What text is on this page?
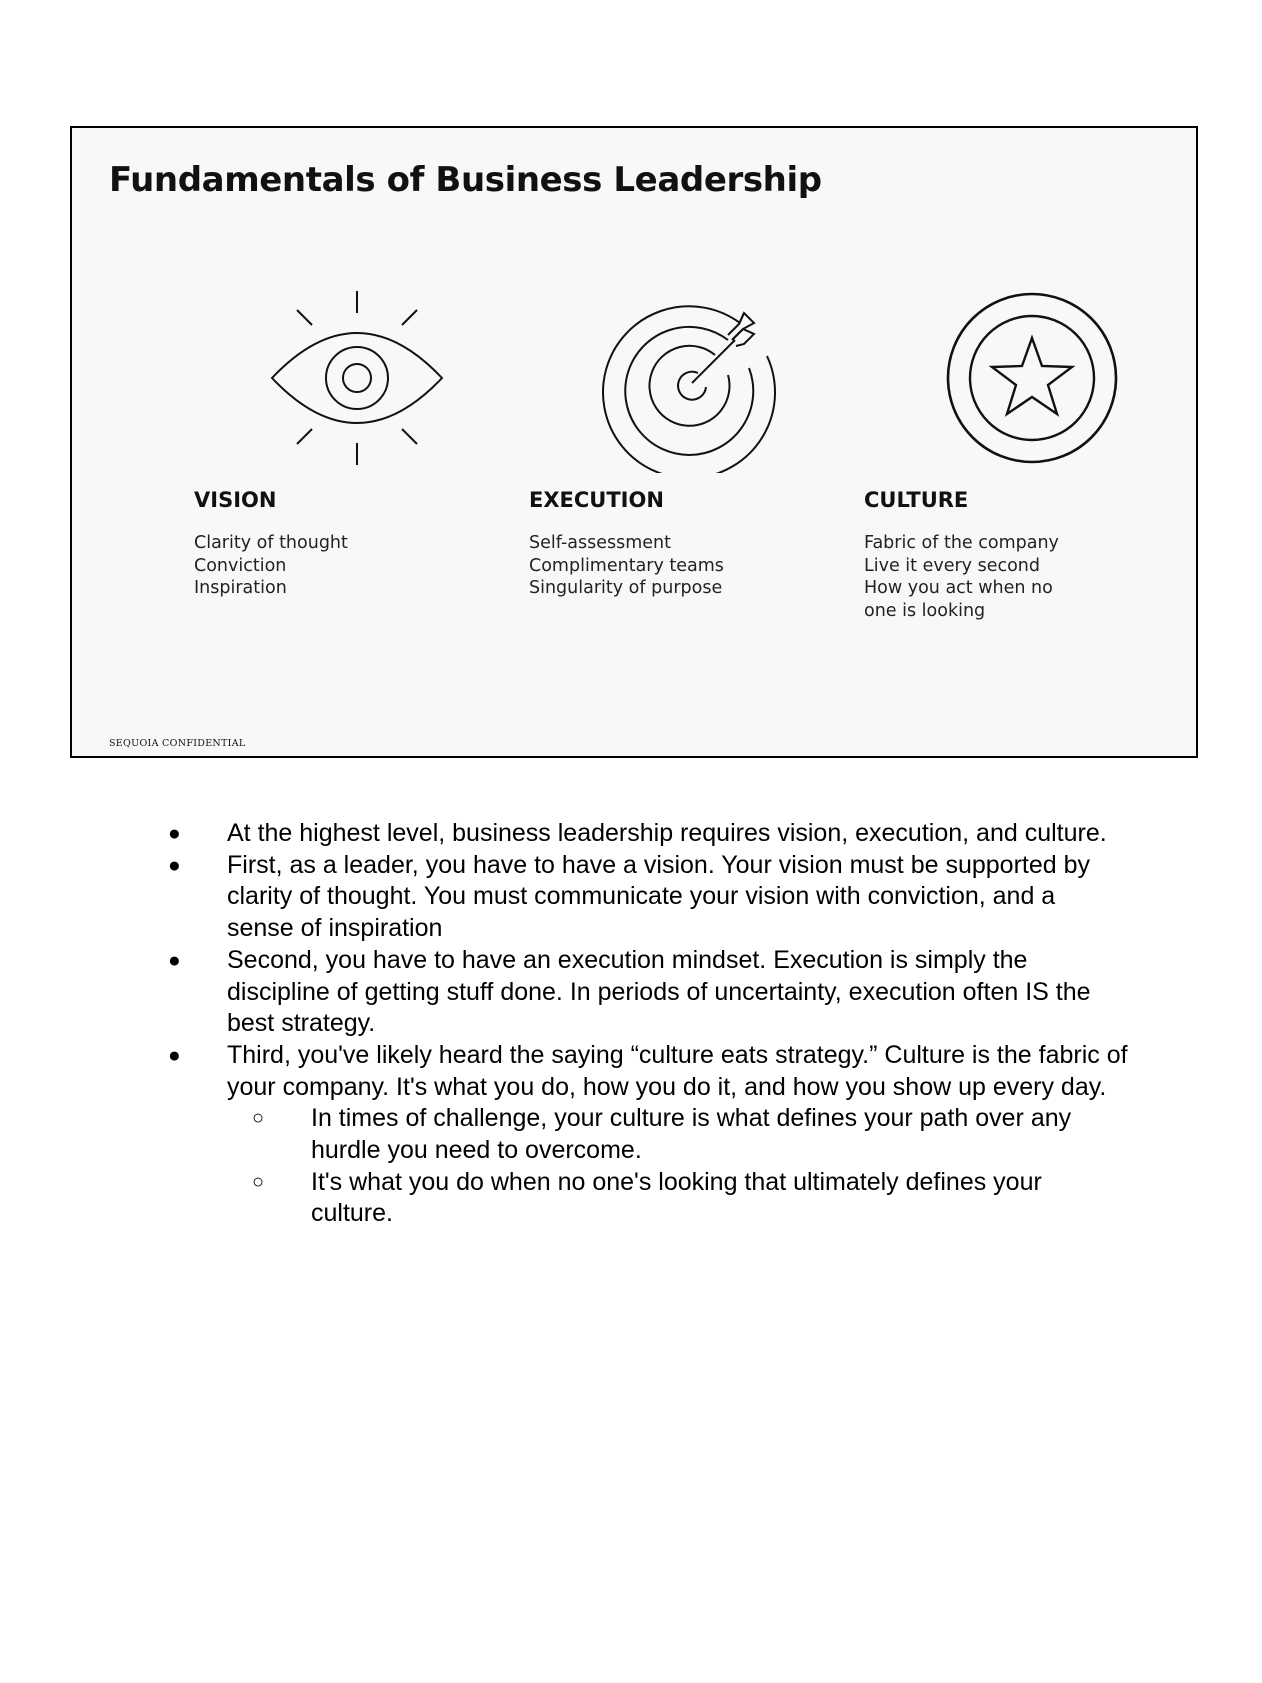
Fundamentals of Business Leadership
VISION
Clarity of thought
Conviction
Inspiration
EXECUTION
Self-assessment
Complimentary teams
Singularity of purpose
CULTURE
Fabric of the company
Live it every second
How you act when no
one is looking
SEQUOIA CONFIDENTIAL
● At the highest level, business leadership requires vision, execution, and culture.
● First, as a leader, you have to have a vision. Your vision must be supported by clarity of thought. You must communicate your vision with conviction, and a sense of inspiration
● Second, you have to have an execution mindset. Execution is simply the discipline of getting stuff done. In periods of uncertainty, execution often IS the best strategy.
● Third, you've likely heard the saying “culture eats strategy.” Culture is the fabric of your company. It's what you do, how you do it, and how you show up every day.
○ In times of challenge, your culture is what defines your path over any hurdle you need to overcome.
○ It's what you do when no one's looking that ultimately defines your culture.
